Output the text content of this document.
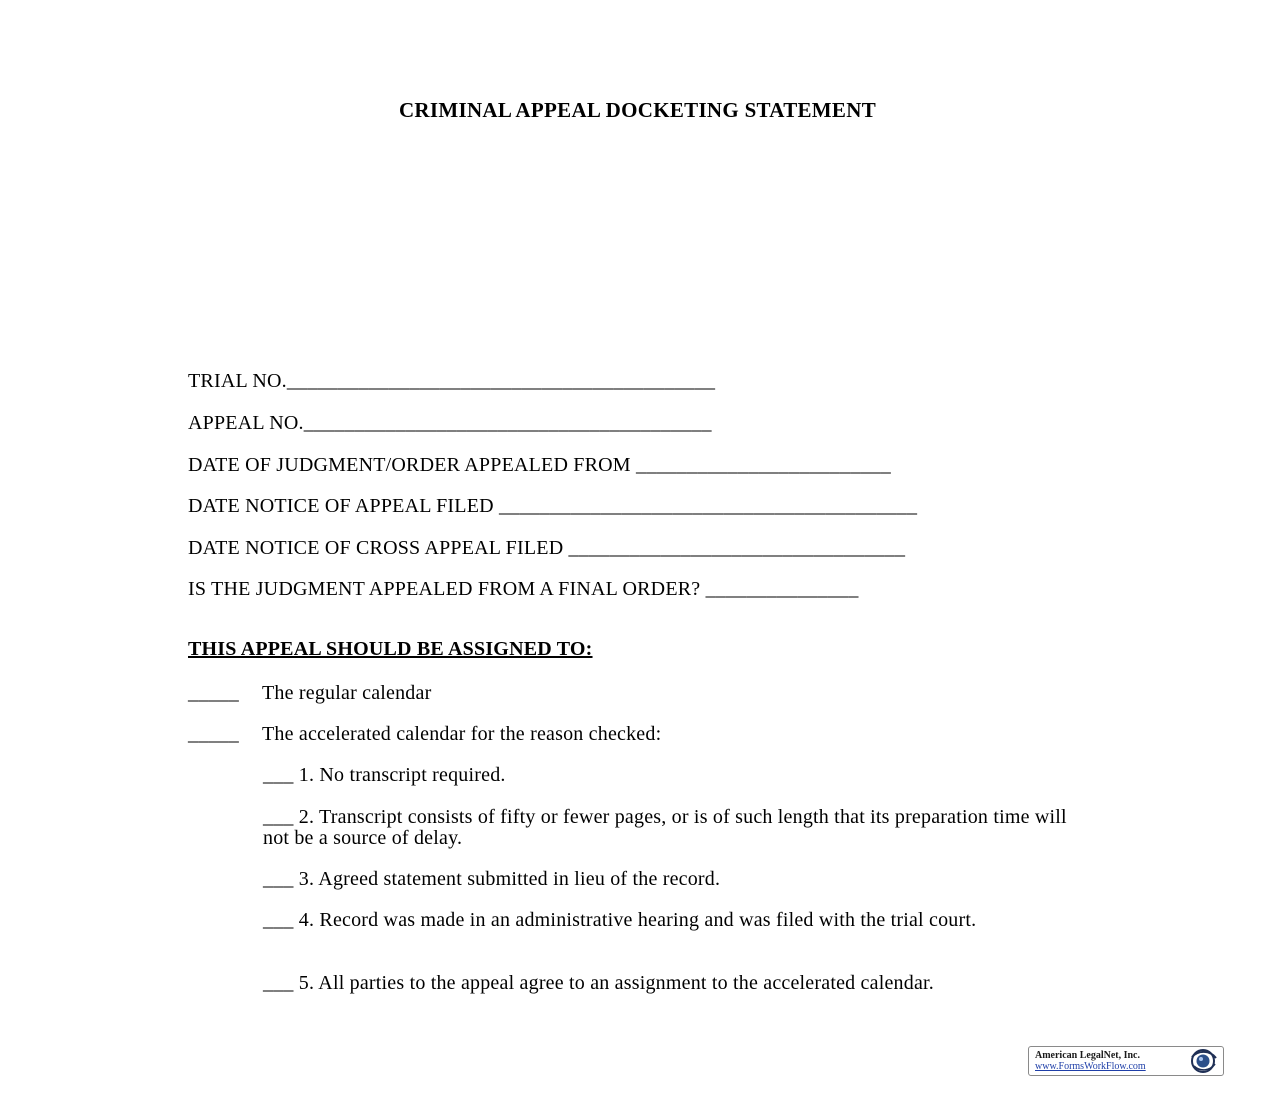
CRIMINAL APPEAL DOCKETING STATEMENT
TRIAL NO.__________________________________________
APPEAL NO.________________________________________
DATE OF JUDGMENT/ORDER APPEALED FROM _________________________
DATE NOTICE OF APPEAL FILED _________________________________________
DATE NOTICE OF CROSS APPEAL FILED _________________________________
IS THE JUDGMENT APPEALED FROM A FINAL ORDER? _______________
THIS APPEAL SHOULD BE ASSIGNED TO:
_____ The regular calendar
_____ The accelerated calendar for the reason checked:
___ 1. No transcript required.
___ 2. Transcript consists of fifty or fewer pages, or is of such length that its preparation time will not be a source of delay.
___ 3. Agreed statement submitted in lieu of the record.
___ 4. Record was made in an administrative hearing and was filed with the trial court.
___ 5. All parties to the appeal agree to an assignment to the accelerated calendar.
American LegalNet, Inc.
www.FormsWorkFlow.com
